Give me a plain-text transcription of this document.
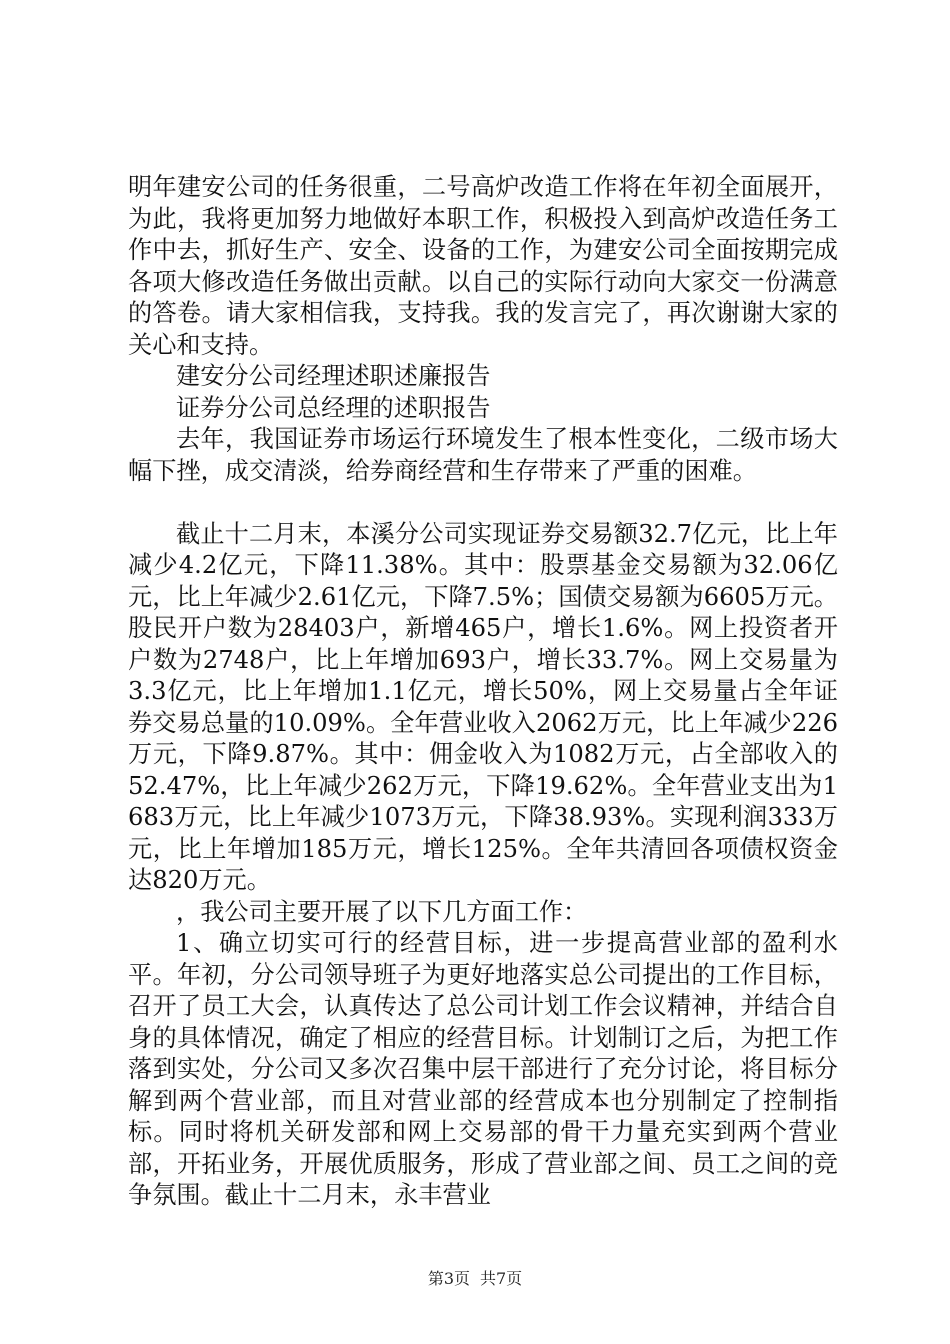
明年建安公司的任务很重，二号高炉改造工作将在年初全面展开，为此，我将更加努力地做好本职工作，积极投入到高炉改造任务工作中去，抓好生产、安全、设备的工作，为建安公司全面按期完成各项大修改造任务做出贡献。以自己的实际行动向大家交一份满意的答卷。请大家相信我，支持我。我的发言完了，再次谢谢大家的关心和支持。

建安分公司经理述职述廉报告

证券分公司总经理的述职报告

去年，我国证券市场运行环境发生了根本性变化，二级市场大幅下挫，成交清淡，给券商经营和生存带来了严重的困难。

截止十二月末，本溪分公司实现证券交易额32.7亿元，比上年减少4.2亿元，下降11.38%。其中：股票基金交易额为32.06亿元，比上年减少2.61亿元，下降7.5%；国债交易额为6605万元。股民开户数为28403户，新增465户，增长1.6%。网上投资者开户数为2748户，比上年增加693户，增长33.7%。网上交易量为3.3亿元，比上年增加1.1亿元，增长50%，网上交易量占全年证券交易总量的10.09%。全年营业收入2062万元，比上年减少226万元，下降9.87%。其中：佣金收入为1082万元，占全部收入的52.47%，比上年减少262万元，下降19.62%。全年营业支出为1683万元，比上年减少1073万元，下降38.93%。实现利润333万元，比上年增加185万元，增长125%。全年共清回各项债权资金达820万元。

，我公司主要开展了以下几方面工作：

1、确立切实可行的经营目标，进一步提高营业部的盈利水平。年初，分公司领导班子为更好地落实总公司提出的工作目标，召开了员工大会，认真传达了总公司计划工作会议精神，并结合自身的具体情况，确定了相应的经营目标。计划制订之后，为把工作落到实处，分公司又多次召集中层干部进行了充分讨论，将目标分解到两个营业部，而且对营业部的经营成本也分别制定了控制指标。同时将机关研发部和网上交易部的骨干力量充实到两个营业部，开拓业务，开展优质服务，形成了营业部之间、员工之间的竞争氛围。截止十二月末，永丰营业

第3页 共7页
